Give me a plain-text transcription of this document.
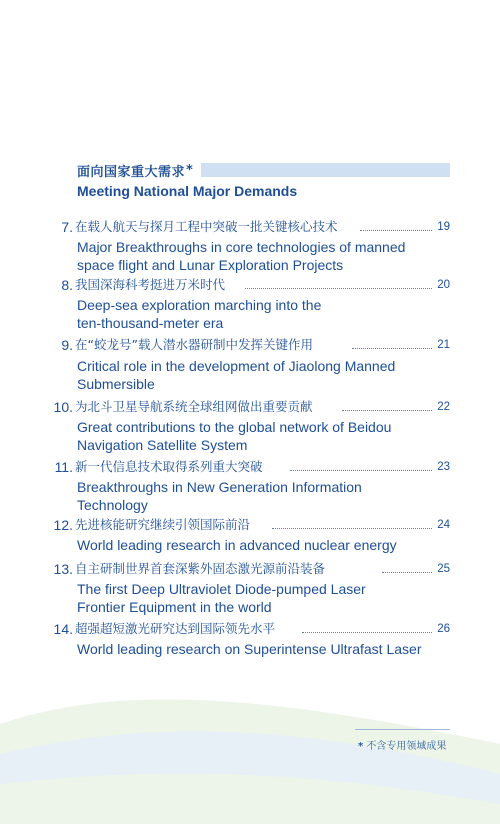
面向国家重大需求 *
Meeting National Major Demands
7. 在载人航天与探月工程中突破一批关键核心技术	19
Major Breakthroughs in core technologies of manned
space flight and Lunar Exploration Projects
8. 我国深海科考挺进万米时代	20
Deep-sea exploration marching into the
ten-thousand-meter era
9. 在“蛟龙号”载人潜水器研制中发挥关键作用	21
Critical role in the development of Jiaolong Manned
Submersible
10. 为北斗卫星导航系统全球组网做出重要贡献	22
Great contributions to the global network of Beidou
Navigation Satellite System
11. 新一代信息技术取得系列重大突破	23
Breakthroughs in New Generation Information
Technology
12. 先进核能研究继续引领国际前沿	24
World leading research in advanced nuclear energy
13. 自主研制世界首套深紫外固态激光源前沿装备	25
The first Deep Ultraviolet Diode-pumped Laser
Frontier Equipment in the world
14. 超强超短激光研究达到国际领先水平	26
World leading research on Superintense Ultrafast Laser
* 不含专用领域成果
